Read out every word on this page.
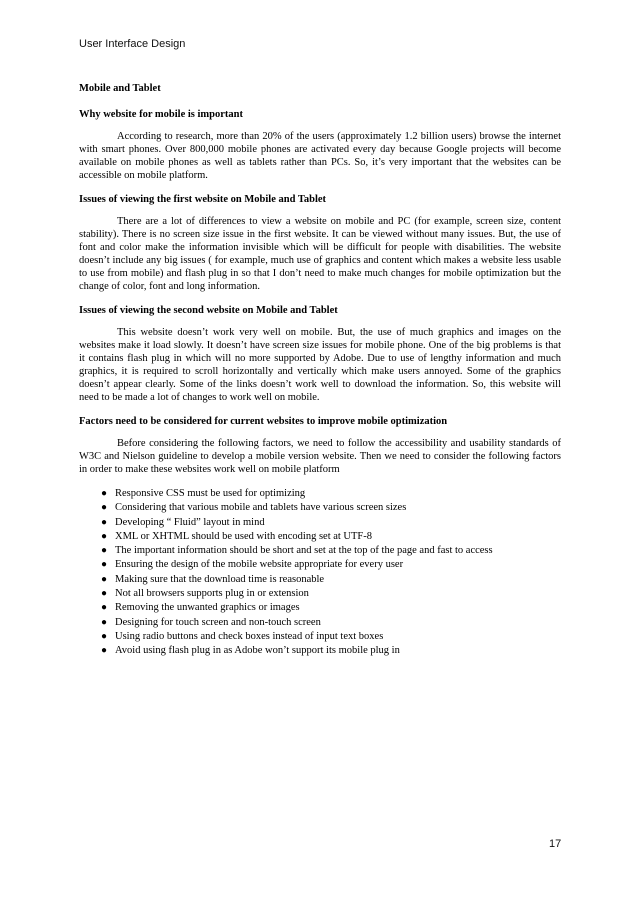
User Interface Design
Mobile and Tablet
Why website for mobile is important

According to research, more than 20% of the users (approximately 1.2 billion users) browse the internet with smart phones. Over 800,000 mobile phones are activated every day because Google projects will become available on mobile phones as well as tablets rather than PCs. So, it’s very important that the websites can be accessible on mobile platform.

Issues of viewing the first website on Mobile and Tablet

There are a lot of differences to view a website on mobile and PC (for example, screen size, content stability). There is no screen size issue in the first website. It can be viewed without many issues. But, the use of font and color make the information invisible which will be difficult for people with disabilities. The website doesn’t include any big issues ( for example, much use of graphics and content which makes a website less usable to use from mobile) and flash plug in so that I don’t need to make much changes for mobile optimization but the change of color, font and long information.

Issues of viewing the second website on Mobile and Tablet

This website doesn’t work very well on mobile. But, the use of much graphics and images on the websites make it load slowly. It doesn’t have screen size issues for mobile phone. One of the big problems is that it contains flash plug in which will no more supported by Adobe. Due to use of lengthy information and much graphics, it is required to scroll horizontally and vertically which make users annoyed. Some of the graphics doesn’t appear clearly. Some of the links doesn’t work well to download the information. So, this website will need to be made a lot of changes to work well on mobile.

Factors need to be considered for current websites to improve mobile optimization

Before considering the following factors, we need to follow the accessibility and usability standards of W3C and Nielson guideline to develop a mobile version website. Then we need to consider the following factors in order to make these websites work well on mobile platform

● Responsive CSS must be used for optimizing
● Considering that various mobile and tablets have various screen sizes
● Developing “ Fluid” layout in mind
● XML or XHTML should be used with encoding set at UTF-8
● The important information should be short and set at the top of the page and fast to access
● Ensuring the design of the mobile website appropriate for every user
● Making sure that the download time is reasonable
● Not all browsers supports plug in or extension
● Removing the unwanted graphics or images
● Designing for touch screen and non-touch screen
● Using radio buttons and check boxes instead of input text boxes
● Avoid using flash plug in as Adobe won’t support its mobile plug in
17
